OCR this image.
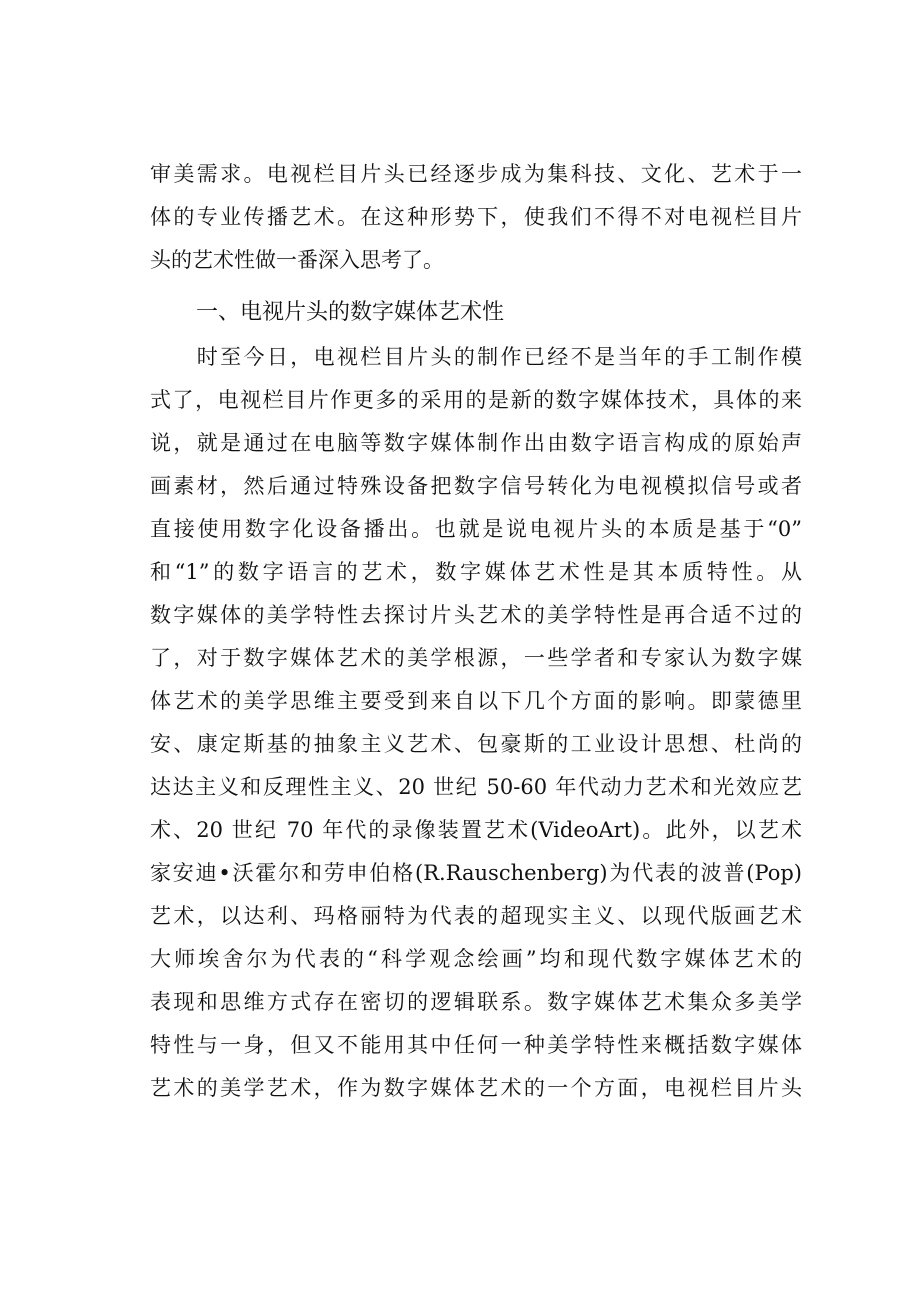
审美需求。电视栏目片头已经逐步成为集科技、文化、艺术于一
体的专业传播艺术。在这种形势下，使我们不得不对电视栏目片
头的艺术性做一番深入思考了。
一、电视片头的数字媒体艺术性
　　时至今日，电视栏目片头的制作已经不是当年的手工制作模
式了，电视栏目片作更多的采用的是新的数字媒体技术，具体的来
说，就是通过在电脑等数字媒体制作出由数字语言构成的原始声
画素材，然后通过特殊设备把数字信号转化为电视模拟信号或者
直接使用数字化设备播出。也就是说电视片头的本质是基于“0”
和“1”的数字语言的艺术，数字媒体艺术性是其本质特性。从
数字媒体的美学特性去探讨片头艺术的美学特性是再合适不过的
了，对于数字媒体艺术的美学根源，一些学者和专家认为数字媒
体艺术的美学思维主要受到来自以下几个方面的影响。即蒙德里
安、康定斯基的抽象主义艺术、包豪斯的工业设计思想、杜尚的
达达主义和反理性主义、20 世纪 50-60 年代动力艺术和光效应艺
术、20 世纪 70 年代的录像装置艺术(VideoArt)。此外，以艺术
家安迪•沃霍尔和劳申伯格(R.Rauschenberg)为代表的波普(Pop)
艺术，以达利、玛格丽特为代表的超现实主义、以现代版画艺术
大师埃舍尔为代表的“科学观念绘画”均和现代数字媒体艺术的
表现和思维方式存在密切的逻辑联系。数字媒体艺术集众多美学
特性与一身，但又不能用其中任何一种美学特性来概括数字媒体
艺术的美学艺术，作为数字媒体艺术的一个方面，电视栏目片头
